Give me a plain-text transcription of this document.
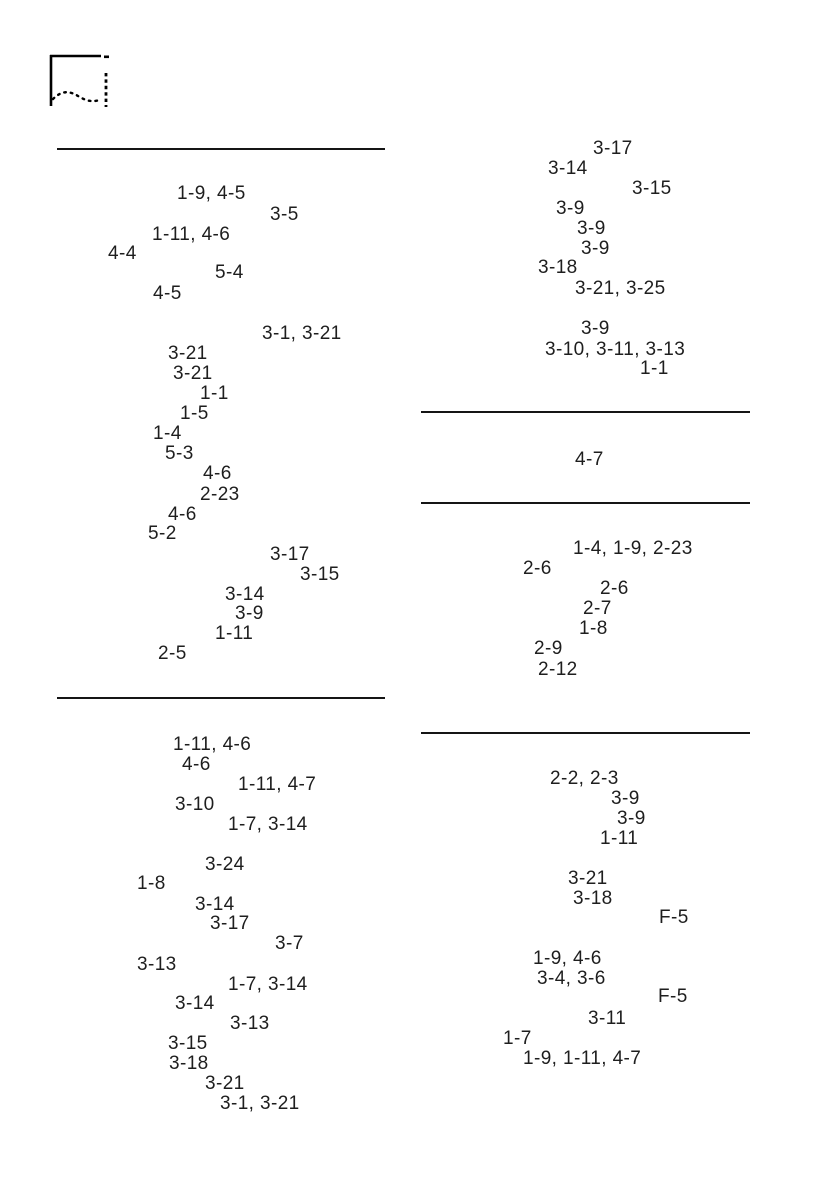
1-9, 4-5
3-5
1-11, 4-6
4-4
5-4
4-5
3-1, 3-21
3-21
3-21
1-1
1-5
1-4
5-3
4-6
2-23
4-6
5-2
3-17
3-15
3-14
3-9
1-11
2-5
1-11, 4-6
4-6
1-11, 4-7
3-10
1-7, 3-14
3-24
1-8
3-14
3-17
3-7
3-13
1-7, 3-14
3-14
3-13
3-15
3-18
3-21
3-1, 3-21
3-17
3-14
3-15
3-9
3-9
3-9
3-18
3-21, 3-25
3-9
3-10, 3-11, 3-13
1-1
4-7
1-4, 1-9, 2-23
2-6
2-6
2-7
1-8
2-9
2-12
2-2, 2-3
3-9
3-9
1-11
3-21
3-18
F-5
1-9, 4-6
3-4, 3-6
F-5
3-11
1-7
1-9, 1-11, 4-7
